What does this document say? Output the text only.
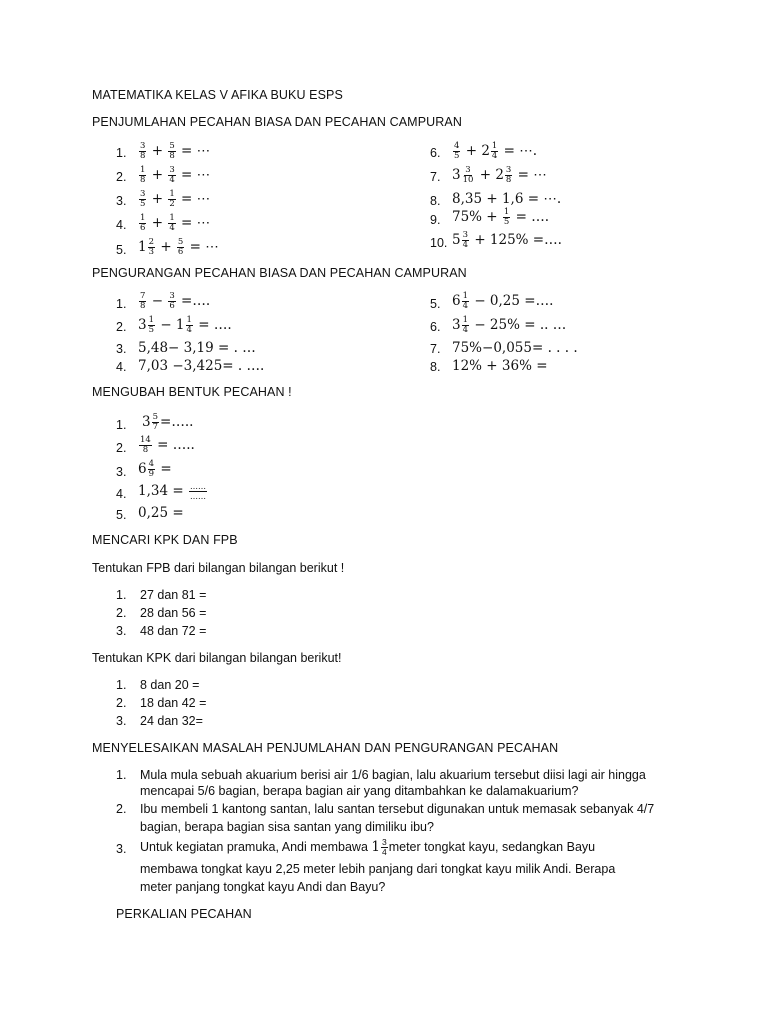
MATEMATIKA KELAS V AFIKA BUKU ESPS
PENJUMLAHAN PECAHAN BIASA DAN PECAHAN CAMPURAN
1. $\frac{3}{8} + \frac{5}{8}$ = ⋯
2. $\frac{1}{8} + \frac{3}{4}$ = ⋯
3. $\frac{3}{5} + \frac{1}{2}$ = ⋯
4. $\frac{1}{6} + \frac{1}{4}$ = ⋯
5. $1 \frac{2}{3} + \frac{5}{6}$ = ⋯
6. $\frac{4}{5} + 2 \frac{1}{4}$ = ⋯.
7. $3 \frac{3}{10} + 2 \frac{3}{8}$ = ⋯
8. 8,35 + 1,6 = ⋯.
9. $75\% + \frac{1}{5}$ = ….
10. $5 \frac{3}{4} + 125\%$ =….
PENGURANGAN PECAHAN BIASA DAN PECAHAN CAMPURAN
1. $\frac{7}{8} - \frac{3}{6}$ =….
2. $3 \frac{1}{5} - 1 \frac{1}{4}$ = ….
3. 5,48− 3,19 = . …
4. 7,03 −3,425= . ….
5. $6 \frac{1}{4} - 0,25$ =….
6. $3 \frac{1}{4} - 25\%$ = .. …
7. 75%−0,055= . . . .
8. 12% + 36% =
MENGUBAH BENTUK PECAHAN !
1. $3 \frac{5}{7}$ =…..
2. $\frac{14}{8}$ = …..
3. $6 \frac{4}{9}$ =
4. $1,34 = \frac{\dots\dots}{\dots\dots}$
5. 0,25 =
MENCARI KPK DAN FPB
Tentukan FPB dari bilangan bilangan berikut !
1. 27 dan 81 =
2. 28 dan 56 =
3. 48 dan 72 =
Tentukan KPK dari bilangan bilangan berikut!
1. 8 dan 20 =
2. 18 dan 42 =
3. 24 dan 32=
MENYELESAIKAN MASALAH PENJUMLAHAN DAN PENGURANGAN PECAHAN
1. Mula mula sebuah akuarium berisi air 1/6 bagian, lalu akuarium tersebut diisi lagi air hingga
mencapai 5/6 bagian, berapa bagian air yang ditambahkan ke dalamakuarium?
2. Ibu membeli 1 kantong santan, lalu santan tersebut digunakan untuk memasak sebanyak 4/7
bagian, berapa bagian sisa santan yang dimiliku ibu?
3. Untuk kegiatan pramuka, Andi membawa $1 \frac{3}{4}$ meter tongkat kayu, sedangkan Bayu
membawa tongkat kayu 2,25 meter lebih panjang dari tongkat kayu milik Andi. Berapa
meter panjang tongkat kayu Andi dan Bayu?
PERKALIAN PECAHAN
